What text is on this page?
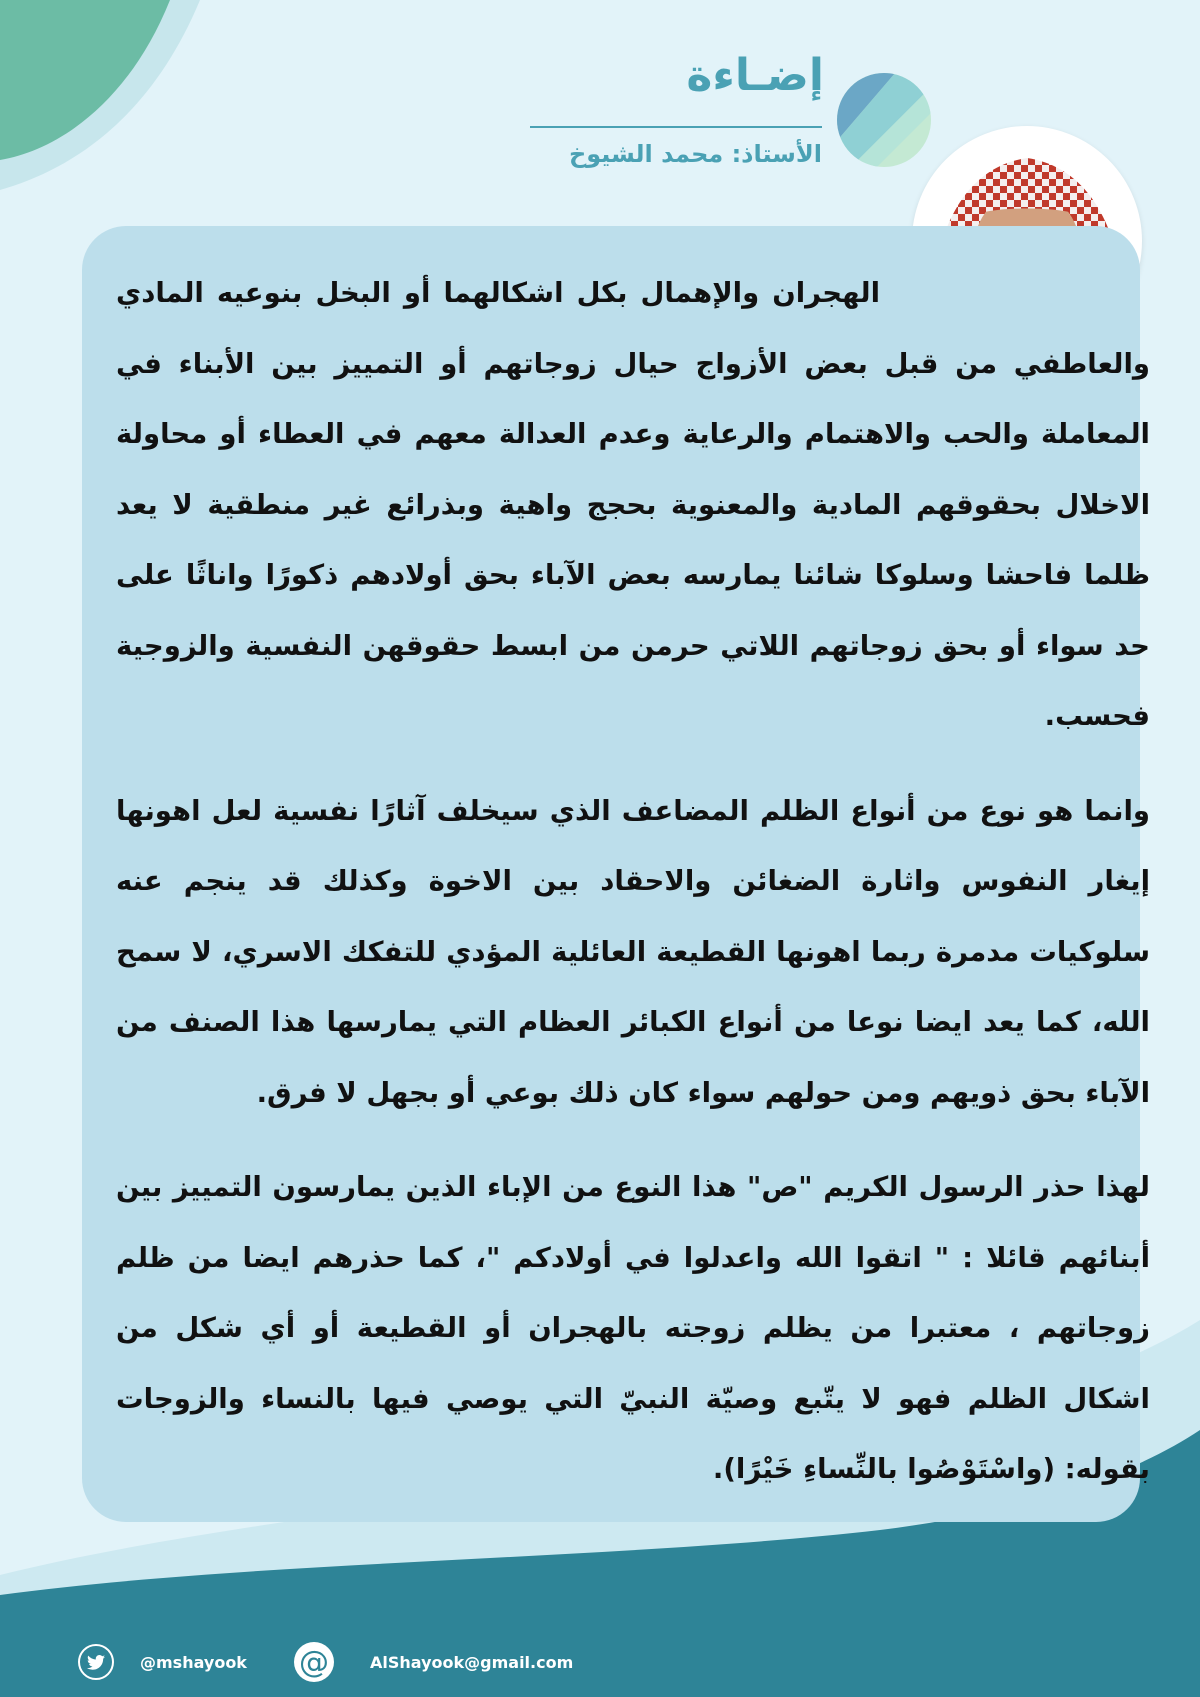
إضـاءة
الأستاذ: محمد الشيوخ

الهجران والإهمال بكل اشكالهما أو البخل بنوعيه المادي والعاطفي من قبل بعض الأزواج حيال زوجاتهم أو التمييز بين الأبناء في المعاملة والحب والاهتمام والرعاية وعدم العدالة معهم في العطاء أو محاولة الاخلال بحقوقهم المادية والمعنوية بحجج واهية وبذرائع غير منطقية لا يعد ظلما فاحشا وسلوكا شائنا يمارسه بعض الآباء بحق أولادهم ذكورًا واناثًا على حد سواء أو بحق زوجاتهم اللاتي حرمن من ابسط حقوقهن النفسية والزوجية فحسب.

وانما هو نوع من أنواع الظلم المضاعف الذي سيخلف آثارًا نفسية لعل اهونها إيغار النفوس واثارة الضغائن والاحقاد بين الاخوة وكذلك قد ينجم عنه سلوكيات مدمرة ربما اهونها القطيعة العائلية المؤدي للتفكك الاسري، لا سمح الله، كما يعد ايضا نوعا من أنواع الكبائر العظام التي يمارسها هذا الصنف من الآباء بحق ذويهم ومن حولهم سواء كان ذلك بوعي أو بجهل لا فرق.

لهذا حذر الرسول الكريم "ص" هذا النوع من الإباء الذين يمارسون التمييز بين أبنائهم قائلا : " اتقوا الله واعدلوا في أولادكم "، كما حذرهم ايضا من ظلم زوجاتهم ، معتبرا من يظلم زوجته بالهجران أو القطيعة أو أي شكل من اشكال الظلم فهو لا يتّبع وصيّة النبيّ التي يوصي فيها بالنساء والزوجات بقوله: (واسْتَوْصُوا بالنِّساءِ خَيْرًا).

@mshayook @	AlShayook@gmail.com
